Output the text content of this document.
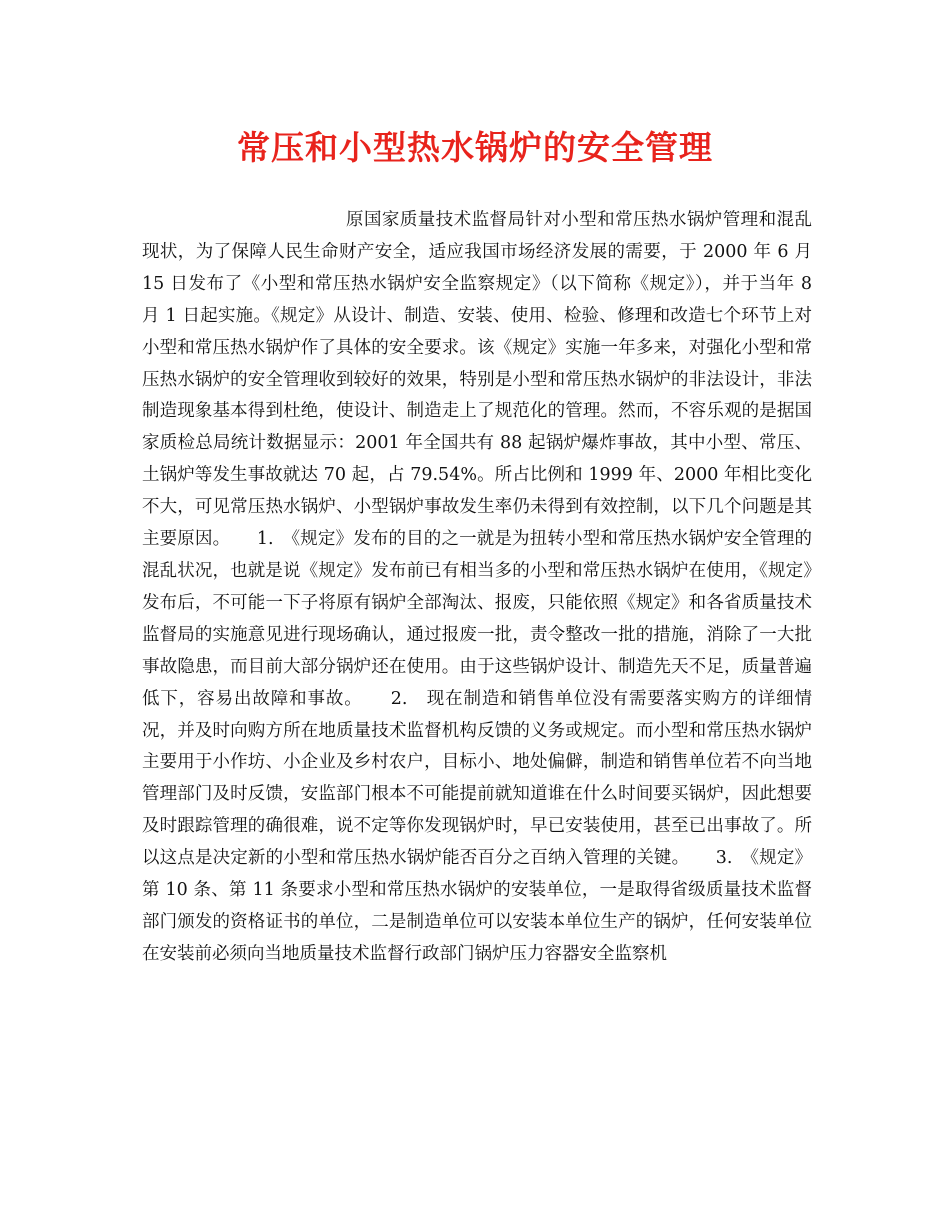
常压和小型热水锅炉的安全管理

原国家质量技术监督局针对小型和常压热水锅炉管理和混乱现状，为了保障人民生命财产安全，适应我国市场经济发展的需要，于 2000 年 6 月 15 日发布了《小型和常压热水锅炉安全监察规定》（以下简称《规定》），并于当年 8 月 1 日起实施。《规定》从设计、制造、安装、使用、检验、修理和改造七个环节上对小型和常压热水锅炉作了具体的安全要求。该《规定》实施一年多来，对强化小型和常压热水锅炉的安全管理收到较好的效果，特别是小型和常压热水锅炉的非法设计，非法制造现象基本得到杜绝，使设计、制造走上了规范化的管理。然而，不容乐观的是据国家质检总局统计数据显示：2001 年全国共有 88 起锅炉爆炸事故，其中小型、常压、土锅炉等发生事故就达 70 起，占 79.54%。所占比例和 1999 年、2000 年相比变化不大，可见常压热水锅炉、小型锅炉事故发生率仍未得到有效控制，以下几个问题是其主要原因。　　1.　《规定》发布的目的之一就是为扭转小型和常压热水锅炉安全管理的混乱状况，也就是说《规定》发布前已有相当多的小型和常压热水锅炉在使用，《规定》发布后，不可能一下子将原有锅炉全部淘汰、报废，只能依照《规定》和各省质量技术监督局的实施意见进行现场确认，通过报废一批，责令整改一批的措施，消除了一大批事故隐患，而目前大部分锅炉还在使用。由于这些锅炉设计、制造先天不足，质量普遍低下，容易出故障和事故。　　2.　现在制造和销售单位没有需要落实购方的详细情况，并及时向购方所在地质量技术监督机构反馈的义务或规定。而小型和常压热水锅炉主要用于小作坊、小企业及乡村农户，目标小、地处偏僻，制造和销售单位若不向当地管理部门及时反馈，安监部门根本不可能提前就知道谁在什么时间要买锅炉，因此想要及时跟踪管理的确很难，说不定等你发现锅炉时，早已安装使用，甚至已出事故了。所以这点是决定新的小型和常压热水锅炉能否百分之百纳入管理的关键。　　3.　《规定》第 10 条、第 11 条要求小型和常压热水锅炉的安装单位，一是取得省级质量技术监督部门颁发的资格证书的单位，二是制造单位可以安装本单位生产的锅炉，任何安装单位在安装前必须向当地质量技术监督行政部门锅炉压力容器安全监察机
